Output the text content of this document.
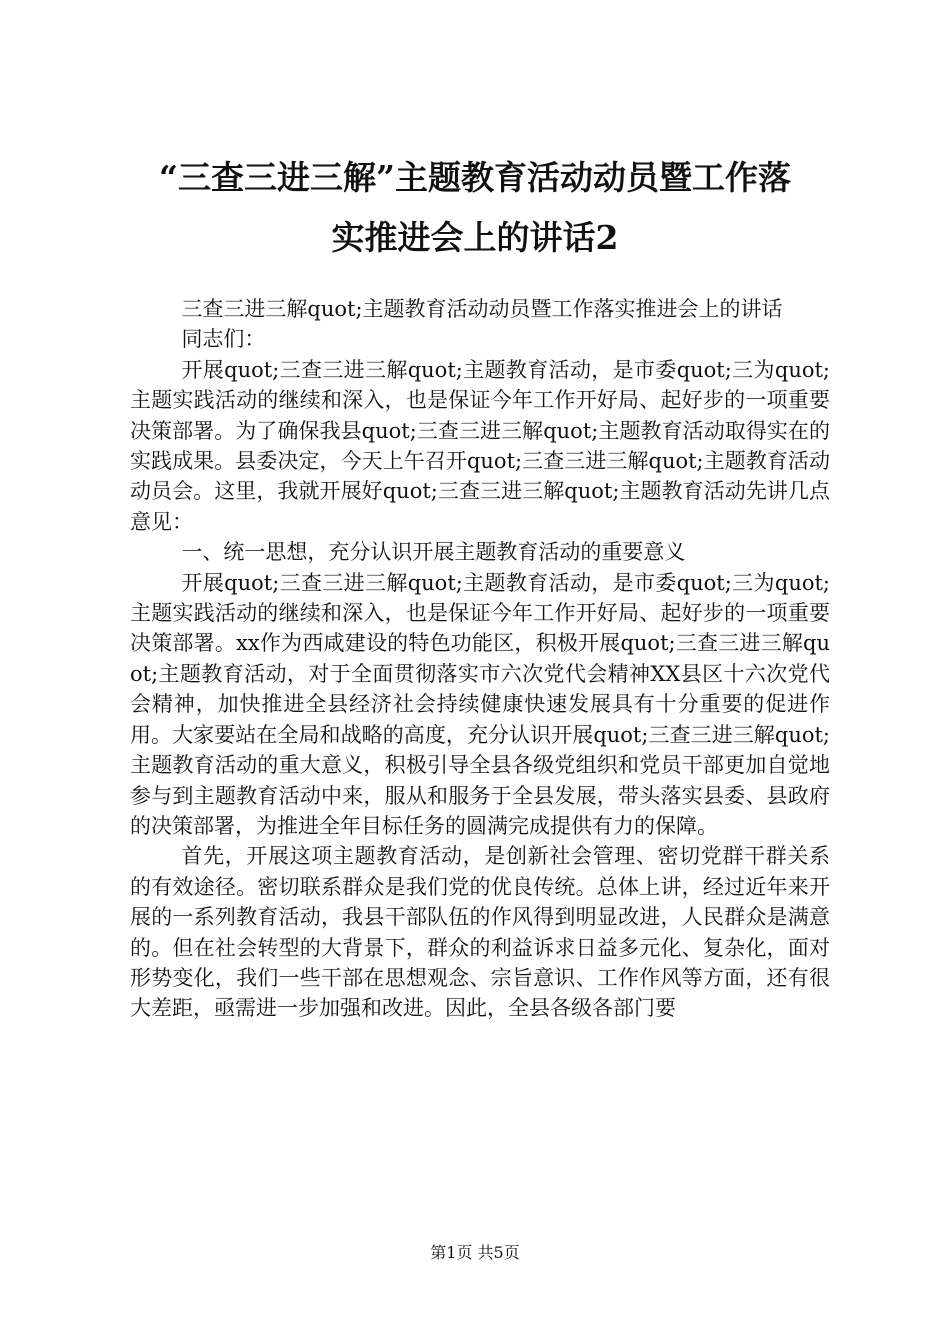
“三查三进三解”主题教育活动动员暨工作落
实推进会上的讲话2

三查三进三解quot;主题教育活动动员暨工作落实推进会上的讲话

同志们：

开展quot;三查三进三解quot;主题教育活动，是市委quot;三为quot;主题实践活动的继续和深入，也是保证今年工作开好局、起好步的一项重要决策部署。为了确保我县quot;三查三进三解quot;主题教育活动取得实在的实践成果。县委决定，今天上午召开quot;三查三进三解quot;主题教育活动动员会。这里，我就开展好quot;三查三进三解quot;主题教育活动先讲几点意见：

一、统一思想，充分认识开展主题教育活动的重要意义

开展quot;三查三进三解quot;主题教育活动，是市委quot;三为quot;主题实践活动的继续和深入，也是保证今年工作开好局、起好步的一项重要决策部署。xx作为西咸建设的特色功能区，积极开展quot;三查三进三解quot;主题教育活动，对于全面贯彻落实市六次党代会精神XX县区十六次党代会精神，加快推进全县经济社会持续健康快速发展具有十分重要的促进作用。大家要站在全局和战略的高度，充分认识开展quot;三查三进三解quot;主题教育活动的重大意义，积极引导全县各级党组织和党员干部更加自觉地参与到主题教育活动中来，服从和服务于全县发展，带头落实县委、县政府的决策部署，为推进全年目标任务的圆满完成提供有力的保障。

首先，开展这项主题教育活动，是创新社会管理、密切党群干群关系的有效途径。密切联系群众是我们党的优良传统。总体上讲，经过近年来开展的一系列教育活动，我县干部队伍的作风得到明显改进，人民群众是满意的。但在社会转型的大背景下，群众的利益诉求日益多元化、复杂化，面对形势变化，我们一些干部在思想观念、宗旨意识、工作作风等方面，还有很大差距，亟需进一步加强和改进。因此，全县各级各部门要

第1页 共5页
